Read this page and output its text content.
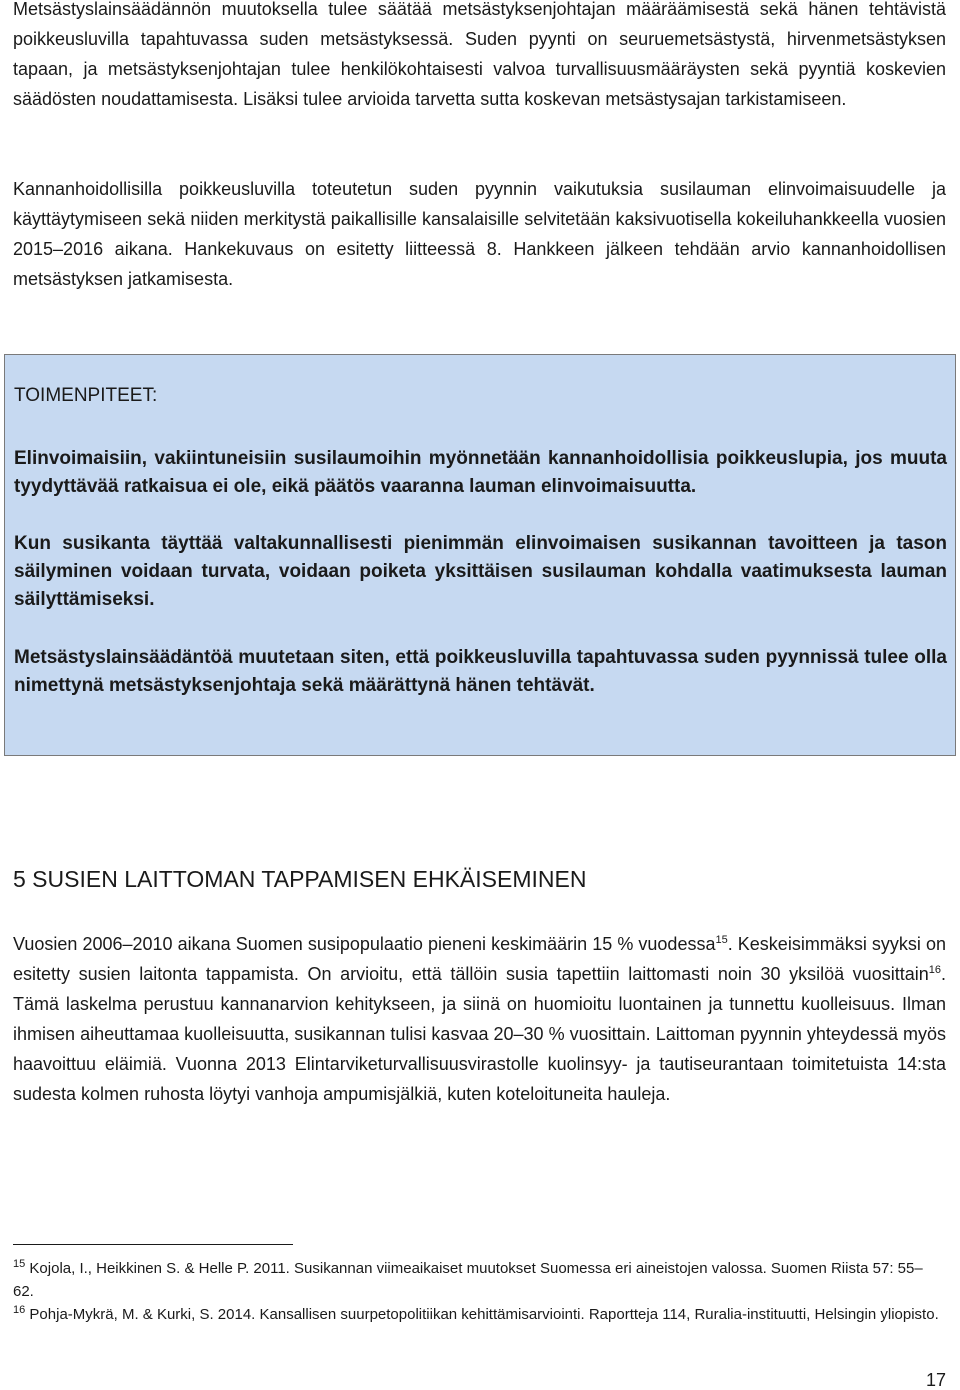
Metsästyslainsäädännön muutoksella tulee säätää metsästyksenjohtajan määräämisestä sekä hänen tehtävistä poikkeusluvilla tapahtuvassa suden metsästyksessä. Suden pyynti on seuruemetsästystä, hirvenmetsästyksen tapaan, ja metsästyksenjohtajan tulee henkilökohtaisesti valvoa turvallisuusmääräysten sekä pyyntiä koskevien säädösten noudattamisesta. Lisäksi tulee arvioida tarvetta sutta koskevan metsästysajan tarkistamiseen.

Kannanhoidollisilla poikkeusluvilla toteutetun suden pyynnin vaikutuksia susilauman elinvoimaisuudelle ja käyttäytymiseen sekä niiden merkitystä paikallisille kansalaisille selvitetään kaksivuotisella kokeiluhankkeella vuosien 2015–2016 aikana. Hankekuvaus on esitetty liitteessä 8. Hankkeen jälkeen tehdään arvio kannanhoidollisen metsästyksen jatkamisesta.

TOIMENPITEET:

Elinvoimaisiin, vakiintuneisiin susilaumoihin myönnetään kannanhoidollisia poikkeuslupia, jos muuta tyydyttävää ratkaisua ei ole, eikä päätös vaaranna lauman elinvoimaisuutta.

Kun susikanta täyttää valtakunnallisesti pienimmän elinvoimaisen susikannan tavoitteen ja tason säilyminen voidaan turvata, voidaan poiketa yksittäisen susilauman kohdalla vaatimuksesta lauman säilyttämiseksi.

Metsästyslainsäädäntöä muutetaan siten, että poikkeusluvilla tapahtuvassa suden pyynnissä tulee olla nimettynä metsästyksenjohtaja sekä määrättynä hänen tehtävät.

5 SUSIEN LAITTOMAN TAPPAMISEN EHKÄISEMINEN

Vuosien 2006–2010 aikana Suomen susipopulaatio pieneni keskimäärin 15 % vuodessa$^{15}$. Keskeisimmäksi syyksi on esitetty susien laitonta tappamista. On arvioitu, että tällöin susia tapettiin laittomasti noin 30 yksilöä vuosittain$^{16}$. Tämä laskelma perustuu kannanarvion kehitykseen, ja siinä on huomioitu luontainen ja tunnettu kuolleisuus. Ilman ihmisen aiheuttamaa kuolleisuutta, susikannan tulisi kasvaa 20–30 % vuosittain. Laittoman pyynnin yhteydessä myös haavoittuu eläimiä. Vuonna 2013 Elintarviketurvallisuusvirastolle kuolinsyy- ja tautiseurantaan toimitetuista 14:sta sudesta kolmen ruhosta löytyi vanhoja ampumisjälkiä, kuten koteloituneita hauleja.

$^{15}$ Kojola, I., Heikkinen S. & Helle P. 2011. Susikannan viimeaikaiset muutokset Suomessa eri aineistojen valossa. Suomen Riista 57: 55–62.

$^{16}$ Pohja-Mykrä, M. & Kurki, S. 2014. Kansallisen suurpetopolitiikan kehittämisarviointi. Raportteja 114, Ruralia-instituutti, Helsingin yliopisto.

17
